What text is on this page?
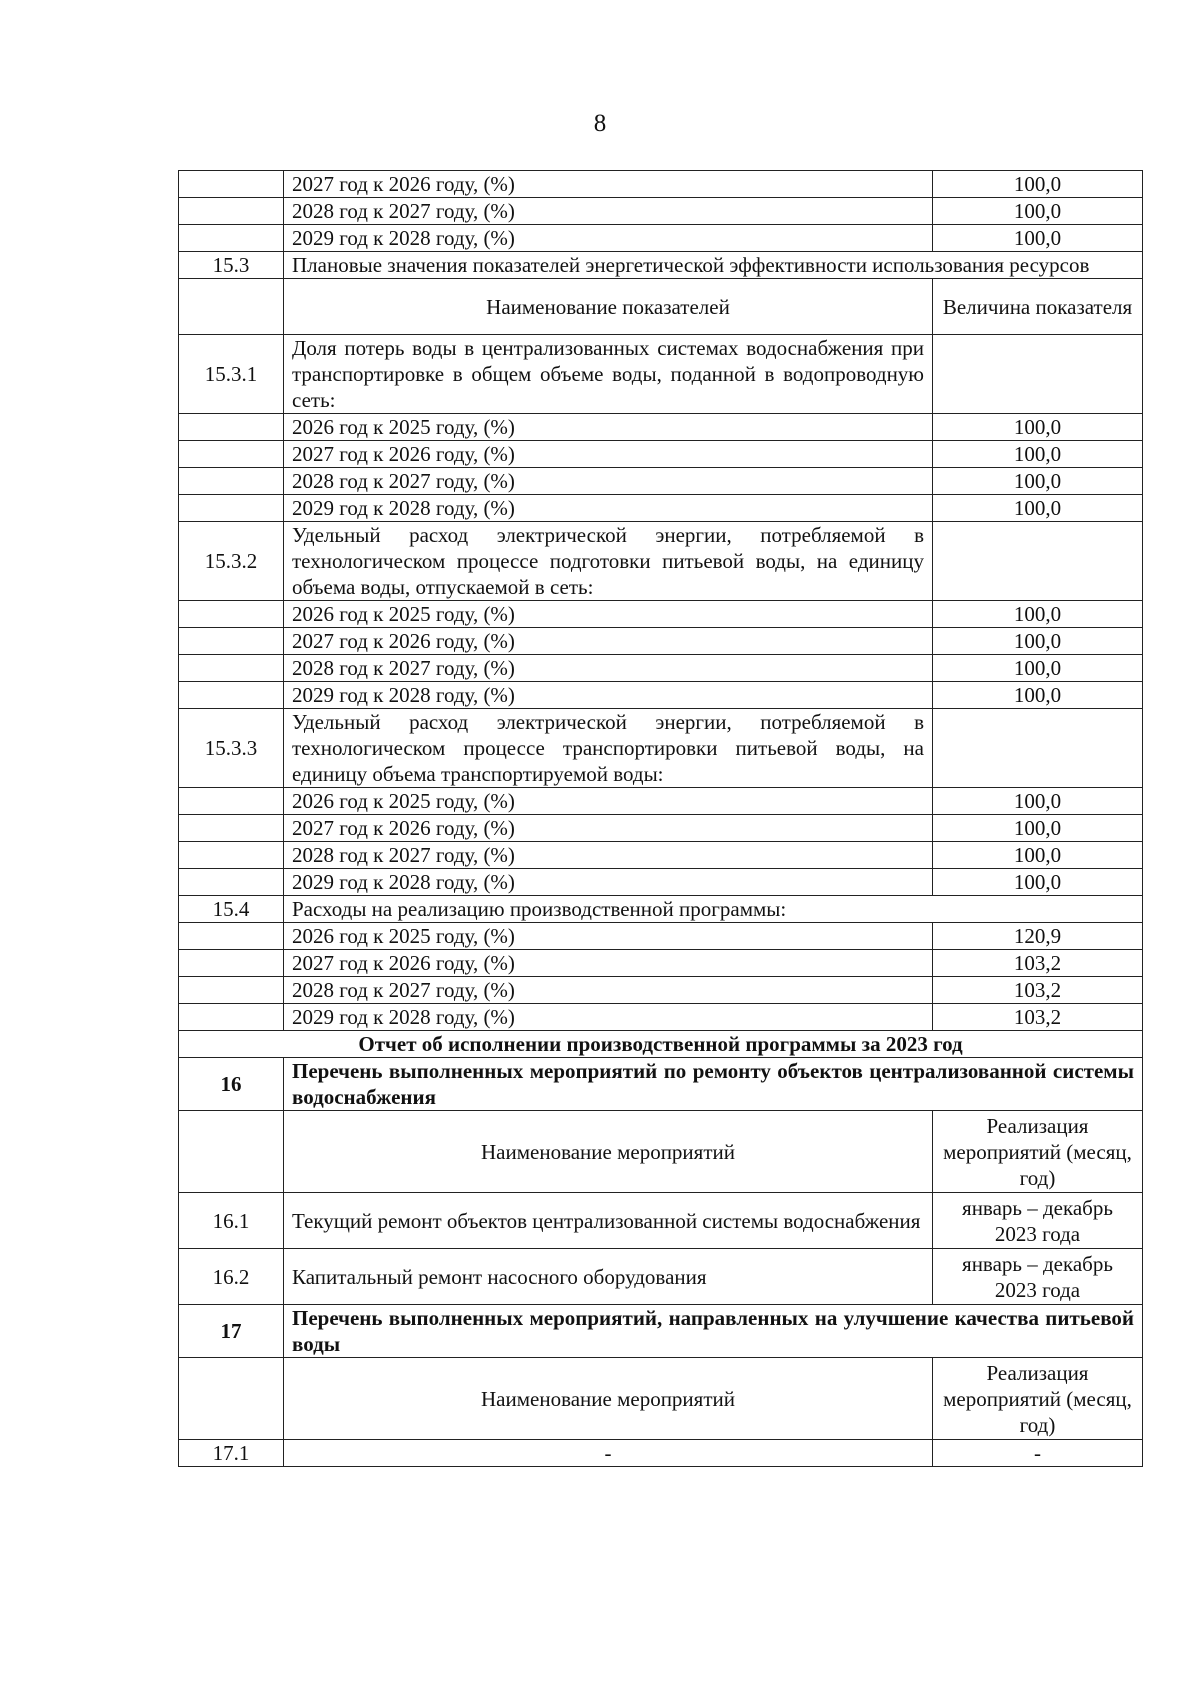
8
	2027 год к 2026 году, (%)	100,0
	2028 год к 2027 году, (%)	100,0
	2029 год к 2028 году, (%)	100,0
15.3	Плановые значения показателей энергетической эффективности использования ресурсов	
	Наименование показателей	Величина показателя
15.3.1	Доля потерь воды в централизованных системах водоснабжения при транспортировке в общем объеме воды, поданной в водопроводную сеть:	
	2026 год к 2025 году, (%)	100,0
	2027 год к 2026 году, (%)	100,0
	2028 год к 2027 году, (%)	100,0
	2029 год к 2028 году, (%)	100,0
15.3.2	Удельный расход электрической энергии, потребляемой в технологическом процессе подготовки питьевой воды, на единицу объема воды, отпускаемой в сеть:	
	2026 год к 2025 году, (%)	100,0
	2027 год к 2026 году, (%)	100,0
	2028 год к 2027 году, (%)	100,0
	2029 год к 2028 году, (%)	100,0
15.3.3	Удельный расход электрической энергии, потребляемой в технологическом процессе транспортировки питьевой воды, на единицу объема транспортируемой воды:	
	2026 год к 2025 году, (%)	100,0
	2027 год к 2026 году, (%)	100,0
	2028 год к 2027 году, (%)	100,0
	2029 год к 2028 году, (%)	100,0
15.4	Расходы на реализацию производственной программы:	
	2026 год к 2025 году, (%)	120,9
	2027 год к 2026 году, (%)	103,2
	2028 год к 2027 году, (%)	103,2
	2029 год к 2028 году, (%)	103,2
Отчет об исполнении производственной программы за 2023 год		
16	Перечень выполненных мероприятий по ремонту объектов централизованной системы водоснабжения	
	Наименование мероприятий	Реализация мероприятий (месяц, год)
16.1	Текущий ремонт объектов централизованной системы водоснабжения	январь – декабрь 2023 года
16.2	Капитальный ремонт насосного оборудования	январь – декабрь 2023 года
17	Перечень выполненных мероприятий, направленных на улучшение качества питьевой воды	
	Наименование мероприятий	Реализация мероприятий (месяц, год)
17.1	-	-
